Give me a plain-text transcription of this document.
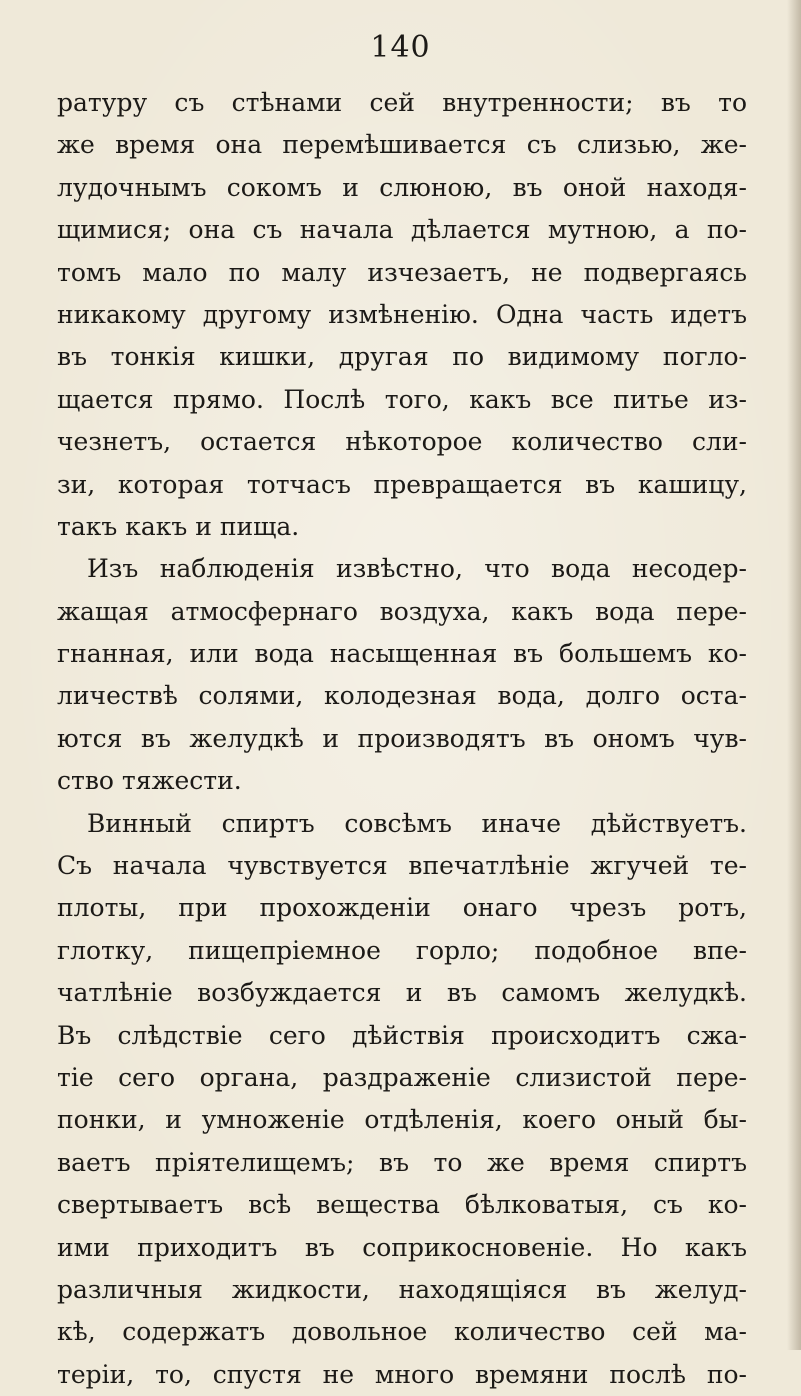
140
ратуру съ стѣнами сей внутренности; въ то
же время она перемѣшивается съ слизью, же-
лудочнымъ сокомъ и слюною, въ оной находя-
щимися; она съ начала дѣлается мутною, а по-
томъ мало по малу изчезаетъ, не подвергаясь
никакому другому измѣненію. Одна часть идетъ
въ тонкія кишки, другая по видимому погло-
щается прямо. Послѣ того, какъ все питье из-
чезнетъ, остается нѣкоторое количество сли-
зи, которая тотчасъ превращается въ кашицу,
такъ какъ и пища.
Изъ наблюденія извѣстно, что вода несодер-
жащая атмосфернаго воздуха, какъ вода пере-
гнанная, или вода насыщенная въ большемъ ко-
личествѣ солями, колодезная вода, долго оста-
ются въ желудкѣ и производятъ въ ономъ чув-
ство тяжести.
Винный спиртъ совсѣмъ иначе дѣйствуетъ.
Съ начала чувствуется впечатлѣніе жгучей те-
плоты, при прохожденіи онаго чрезъ ротъ,
глотку, пищепріемное горло; подобное впе-
чатлѣніе возбуждается и въ самомъ желудкѣ.
Въ слѣдствіе сего дѣйствія происходитъ сжа-
тіе сего органа, раздраженіе слизистой пере-
понки, и умноженіе отдѣленія, коего оный бы-
ваетъ пріятелищемъ; въ то же время спиртъ
свертываетъ всѣ вещества бѣлковатыя, съ ко-
ими приходитъ въ соприкосновеніе. Но какъ
различныя жидкости, находящіяся въ желуд-
кѣ, содержатъ довольное количество сей ма-
теріи, то, спустя не много времяни послѣ по-
